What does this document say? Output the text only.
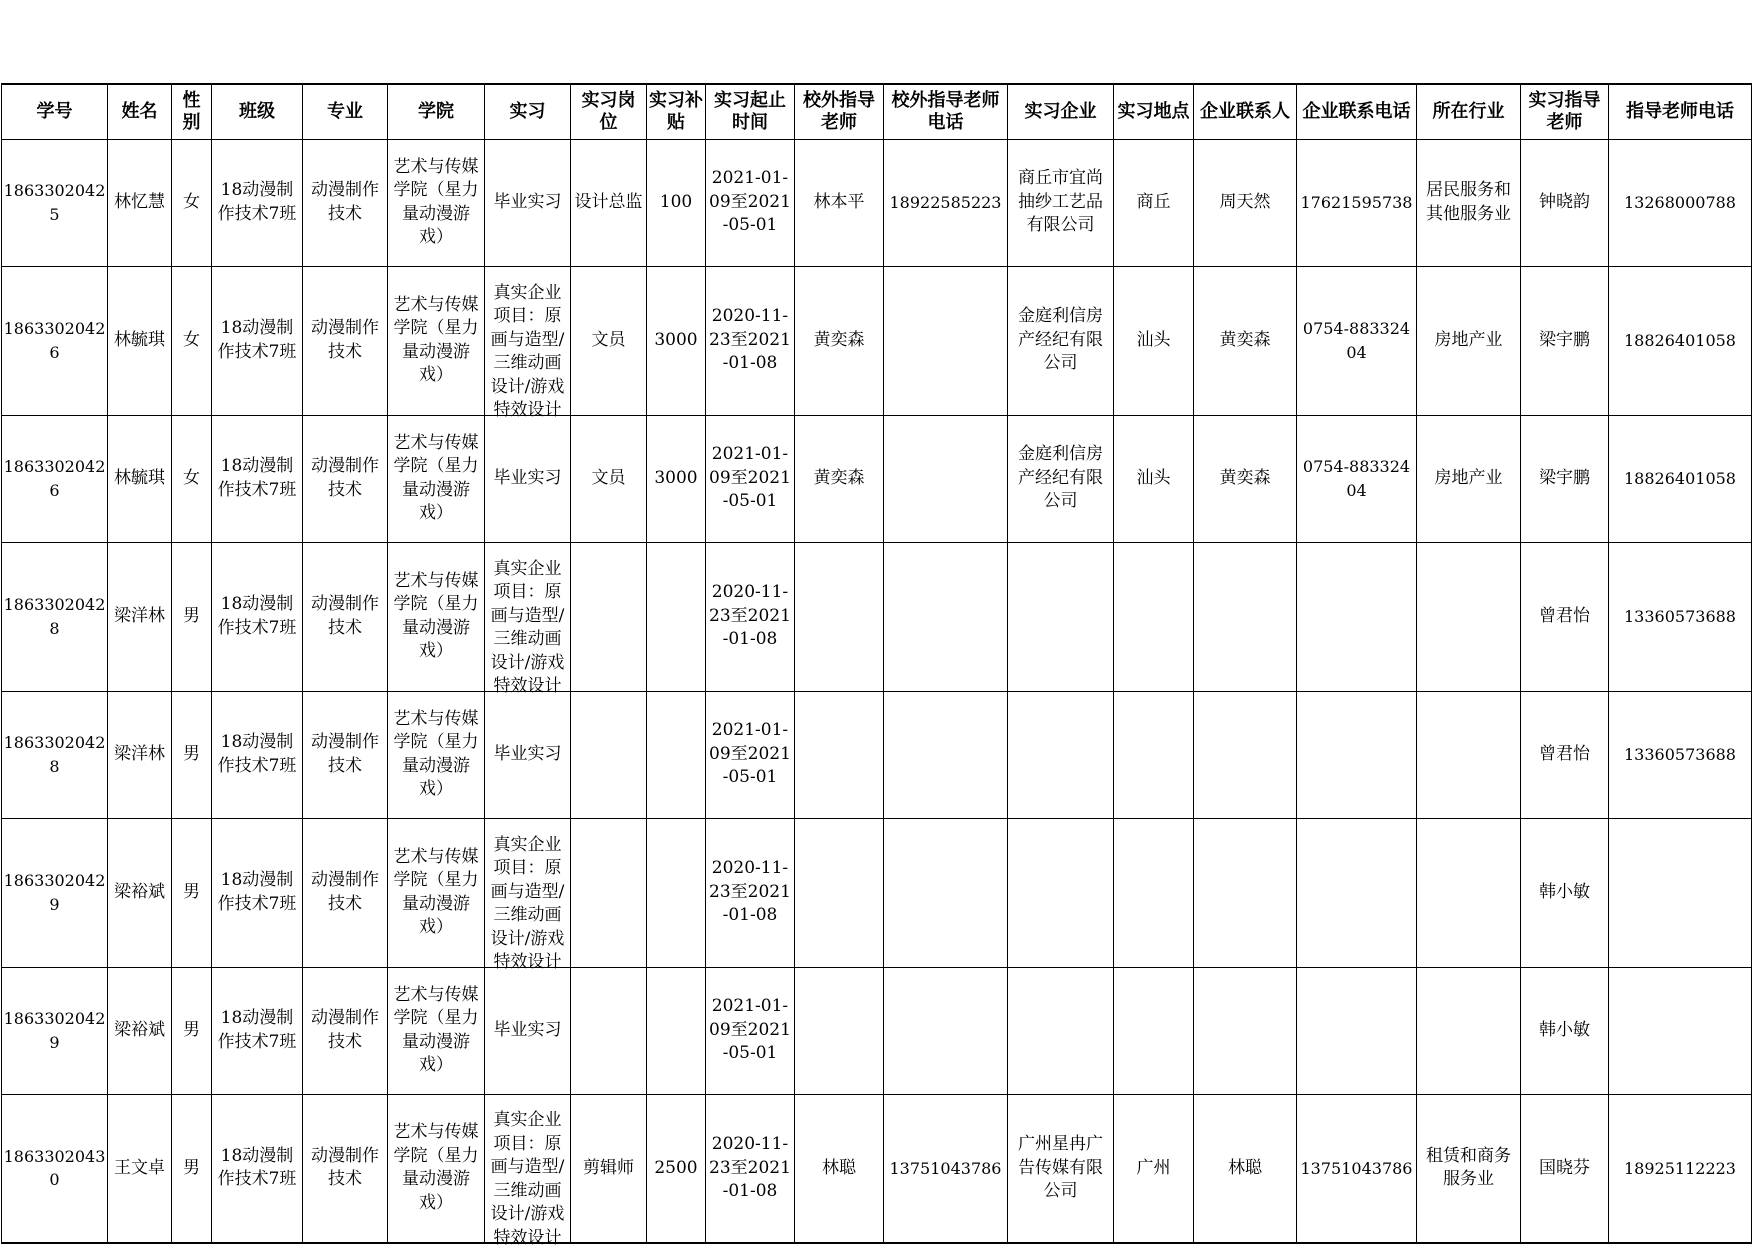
学号	姓名	性别	班级	专业	学院	实习	实习岗位	实习补贴	实习起止时间	校外指导老师	校外指导老师电话	实习企业	实习地点	企业联系人	企业联系电话	所在行业	实习指导老师	指导老师电话

18633020425	林忆慧	女	18动漫制作技术7班	动漫制作技术	艺术与传媒学院（星力量动漫游戏）	毕业实习	设计总监	100	2021-01-09至2021-05-01	林本平	18922585223	商丘市宜尚抽纱工艺品有限公司	商丘	周天然	17621595738	居民服务和其他服务业	钟晓韵	13268000788

18633020426	林毓琪	女	18动漫制作技术7班	动漫制作技术	艺术与传媒学院（星力量动漫游戏）	真实企业项目：原画与造型/三维动画设计/游戏特效设计	文员	3000	2020-11-23至2021-01-08	黄奕森		金庭利信房产经纪有限公司	汕头	黄奕森	0754-88332404	房地产业	梁宇鹏	18826401058

18633020426	林毓琪	女	18动漫制作技术7班	动漫制作技术	艺术与传媒学院（星力量动漫游戏）	毕业实习	文员	3000	2021-01-09至2021-05-01	黄奕森		金庭利信房产经纪有限公司	汕头	黄奕森	0754-88332404	房地产业	梁宇鹏	18826401058

18633020428	梁洋林	男	18动漫制作技术7班	动漫制作技术	艺术与传媒学院（星力量动漫游戏）	真实企业项目：原画与造型/三维动画设计/游戏特效设计			2020-11-23至2021-01-08								曾君怡	13360573688

18633020428	梁洋林	男	18动漫制作技术7班	动漫制作技术	艺术与传媒学院（星力量动漫游戏）	毕业实习			2021-01-09至2021-05-01								曾君怡	13360573688

18633020429	梁裕斌	男	18动漫制作技术7班	动漫制作技术	艺术与传媒学院（星力量动漫游戏）	真实企业项目：原画与造型/三维动画设计/游戏特效设计			2020-11-23至2021-01-08								韩小敏	

18633020429	梁裕斌	男	18动漫制作技术7班	动漫制作技术	艺术与传媒学院（星力量动漫游戏）	毕业实习			2021-01-09至2021-05-01								韩小敏	

18633020430	王文卓	男	18动漫制作技术7班	动漫制作技术	艺术与传媒学院（星力量动漫游戏）	真实企业项目：原画与造型/三维动画设计/游戏特效设计	剪辑师	2500	2020-11-23至2021-01-08	林聪	13751043786	广州星冉广告传媒有限公司	广州	林聪	13751043786	租赁和商务服务业	国晓芬	18925112223
